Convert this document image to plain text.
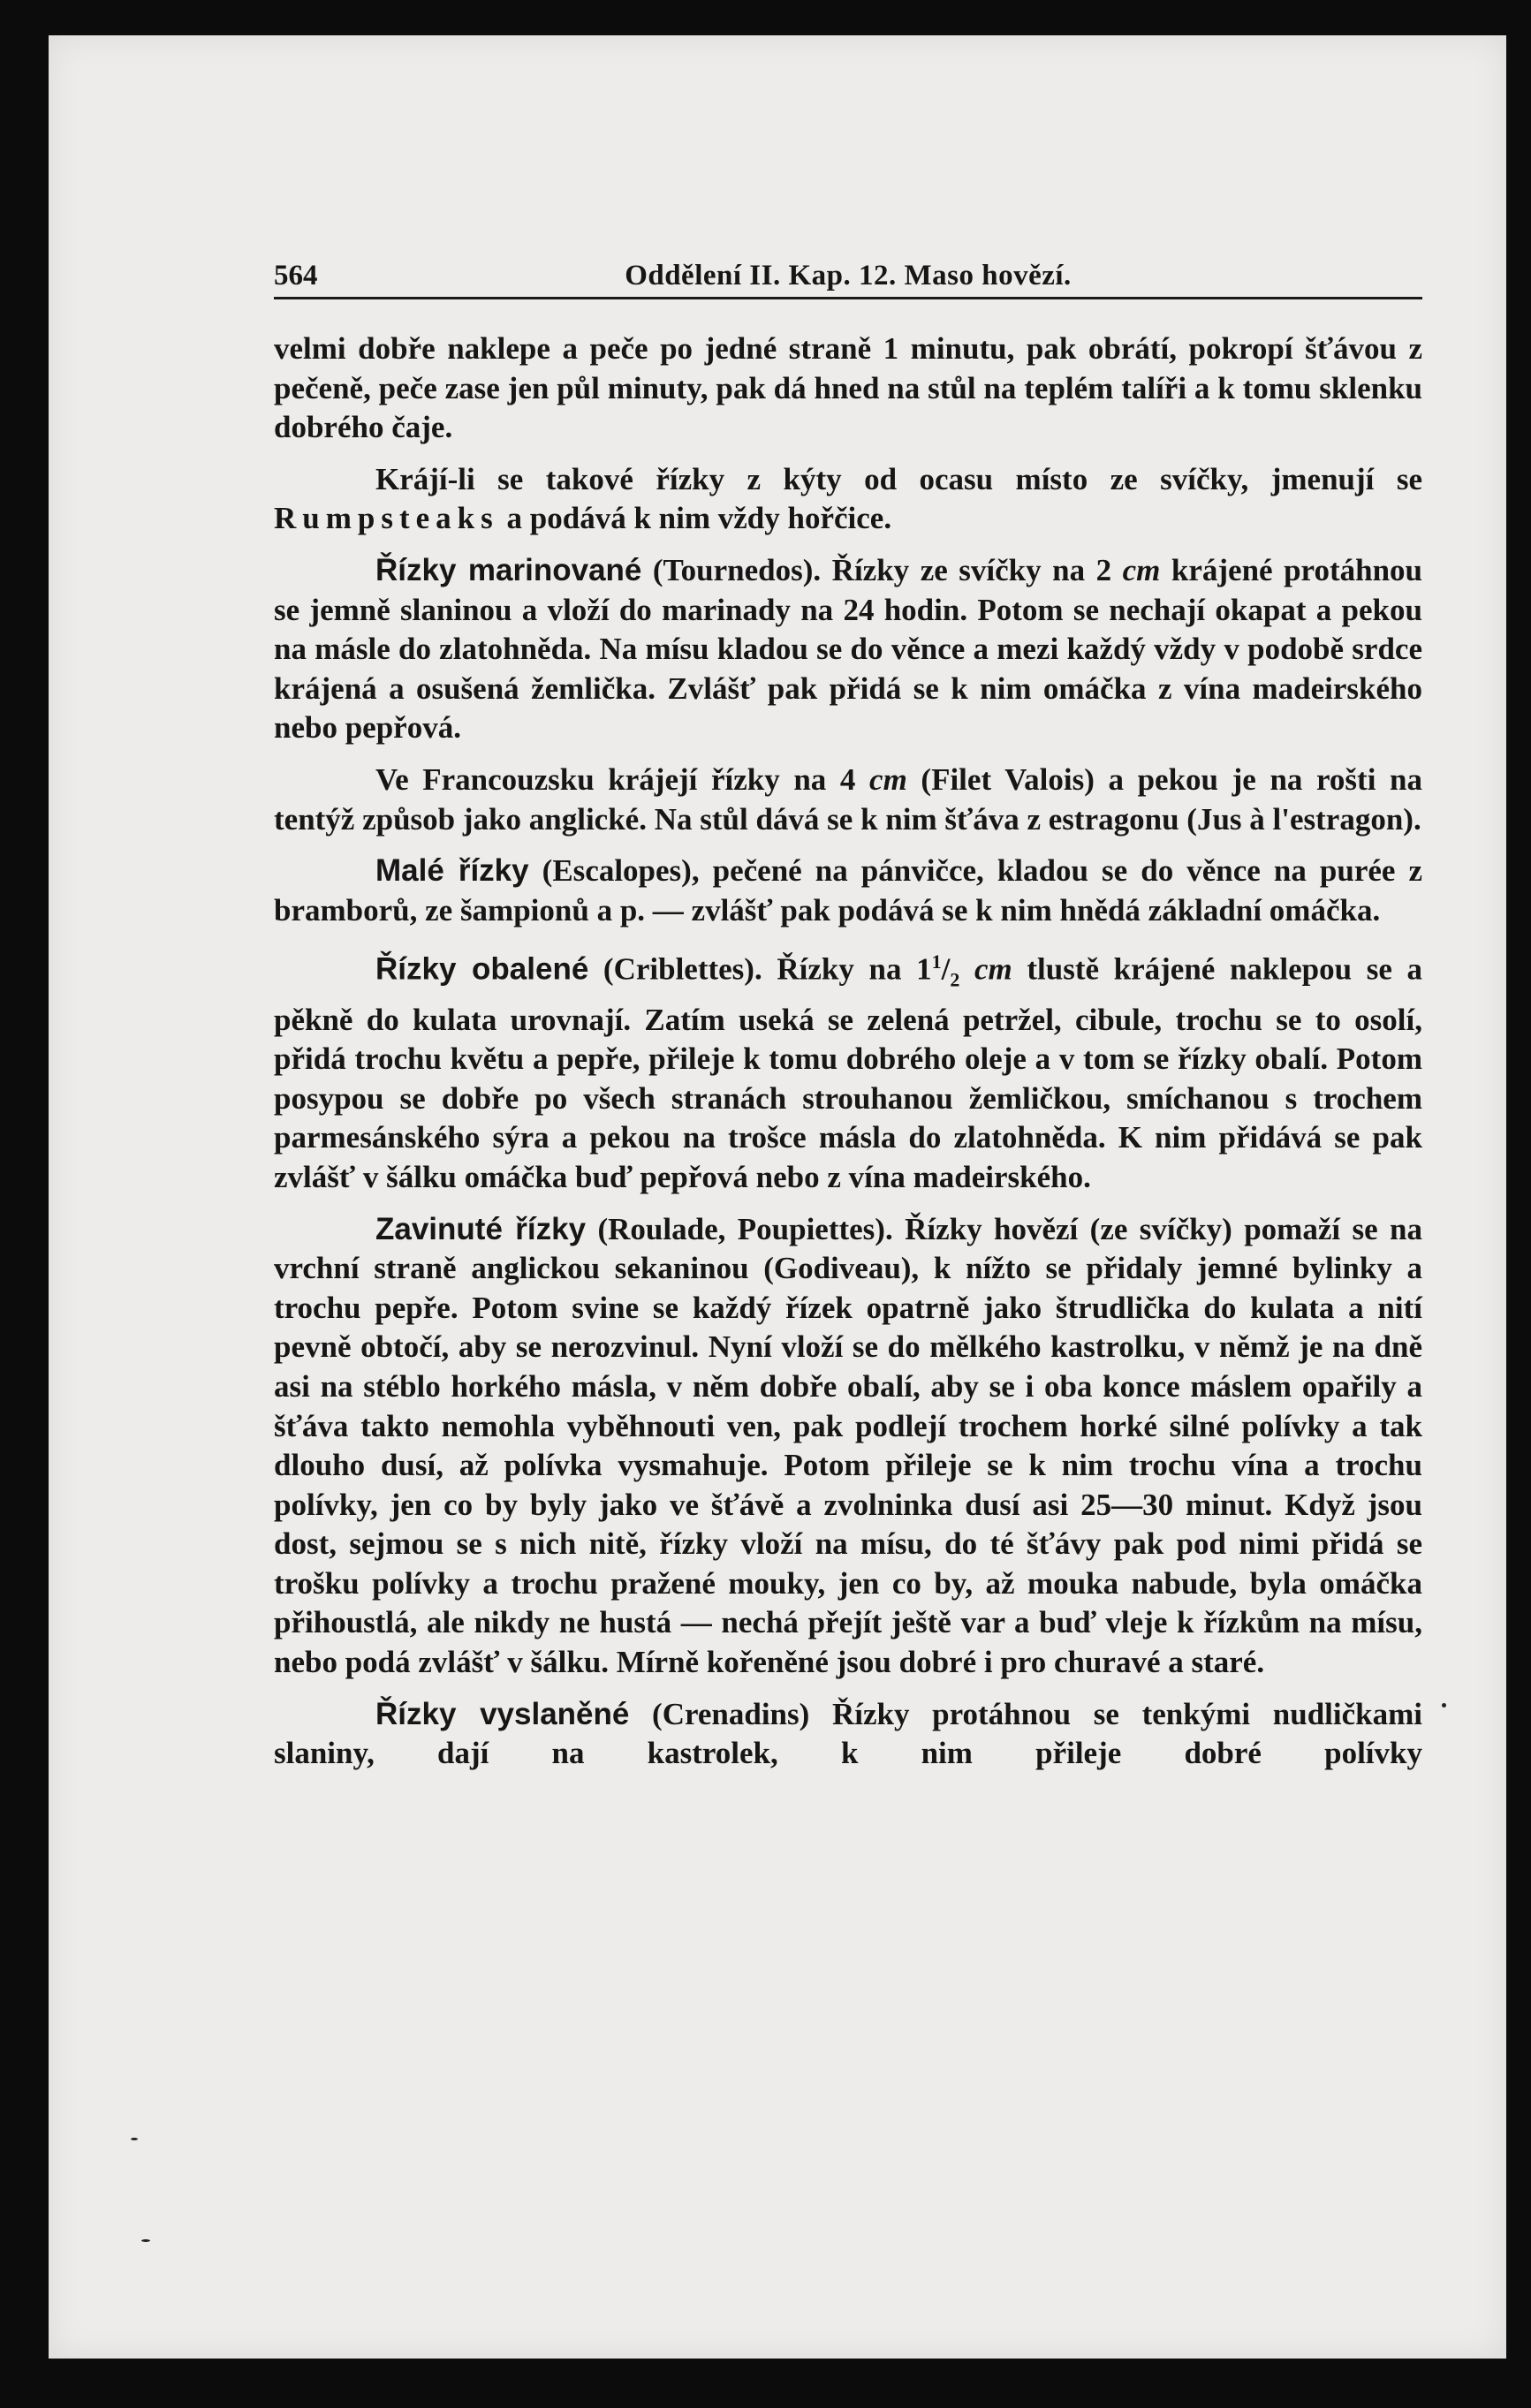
564	Oddělení II. Kap. 12. Maso hovězí.

velmi dobře naklepe a peče po jedné straně 1 minutu, pak obrátí, pokropí šťávou z pečeně, peče zase jen půl minuty, pak dá hned na stůl na teplém talíři a k tomu sklenku dobrého čaje.

Krájí-li se takové řízky z kýty od ocasu místo ze svíčky, jmenují se Rumpsteaks a podává k nim vždy hořčice.

Řízky marinované (Tournedos). Řízky ze svíčky na 2 cm krájené protáhnou se jemně slaninou a vloží do marinady na 24 hodin. Potom se nechají okapat a pekou na másle do zlatohněda. Na mísu kladou se do věnce a mezi každý vždy v podobě srdce krájená a osušená žemlička. Zvlášť pak přidá se k nim omáčka z vína madeirského nebo pepřová.

Ve Francouzsku krájejí řízky na 4 cm (Filet Valois) a pekou je na rošti na tentýž způsob jako anglické. Na stůl dává se k nim šťáva z estragonu (Jus à l'estragon).

Malé řízky (Escalopes), pečené na pánvičce, kladou se do věnce na purée z bramborů, ze šampionů a p. — zvlášť pak podává se k nim hnědá základní omáčka.

Řízky obalené (Criblettes). Řízky na $1^1/_2$ cm tlustě krájené naklepou se a pěkně do kulata urovnají. Zatím useká se zelená petržel, cibule, trochu se to osolí, přidá trochu květu a pepře, přileje k tomu dobrého oleje a v tom se řízky obalí. Potom posypou se dobře po všech stranách strouhanou žemličkou, smíchanou s trochem parmesánského sýra a pekou na trošce másla do zlatohněda. K nim přidává se pak zvlášť v šálku omáčka buď pepřová nebo z vína madeirského.

Zavinuté řízky (Roulade, Poupiettes). Řízky hovězí (ze svíčky) pomaží se na vrchní straně anglickou sekaninou (Godiveau), k nížto se přidaly jemné bylinky a trochu pepře. Potom svine se každý řízek opatrně jako štrudlička do kulata a nití pevně obtočí, aby se nerozvinul. Nyní vloží se do mělkého kastrolku, v němž je na dně asi na stéblo horkého másla, v něm dobře obalí, aby se i oba konce máslem opařily a šťáva takto nemohla vyběhnouti ven, pak podlejí trochem horké silné polívky a tak dlouho dusí, až polívka vysmahuje. Potom přileje se k nim trochu vína a trochu polívky, jen co by byly jako ve šťávě a zvolninka dusí asi 25—30 minut. Když jsou dost, sejmou se s nich nitě, řízky vloží na mísu, do té šťávy pak pod nimi přidá se trošku polívky a trochu pražené mouky, jen co by, až mouka nabude, byla omáčka přihoustlá, ale nikdy ne hustá — nechá přejít ještě var a buď vleje k řízkům na mísu, nebo podá zvlášť v šálku. Mírně kořeněné jsou dobré i pro churavé a staré.

Řízky vyslaněné (Crenadins) Řízky protáhnou se tenkými nudličkami slaniny, dají na kastrolek, k nim přileje dobré polívky
